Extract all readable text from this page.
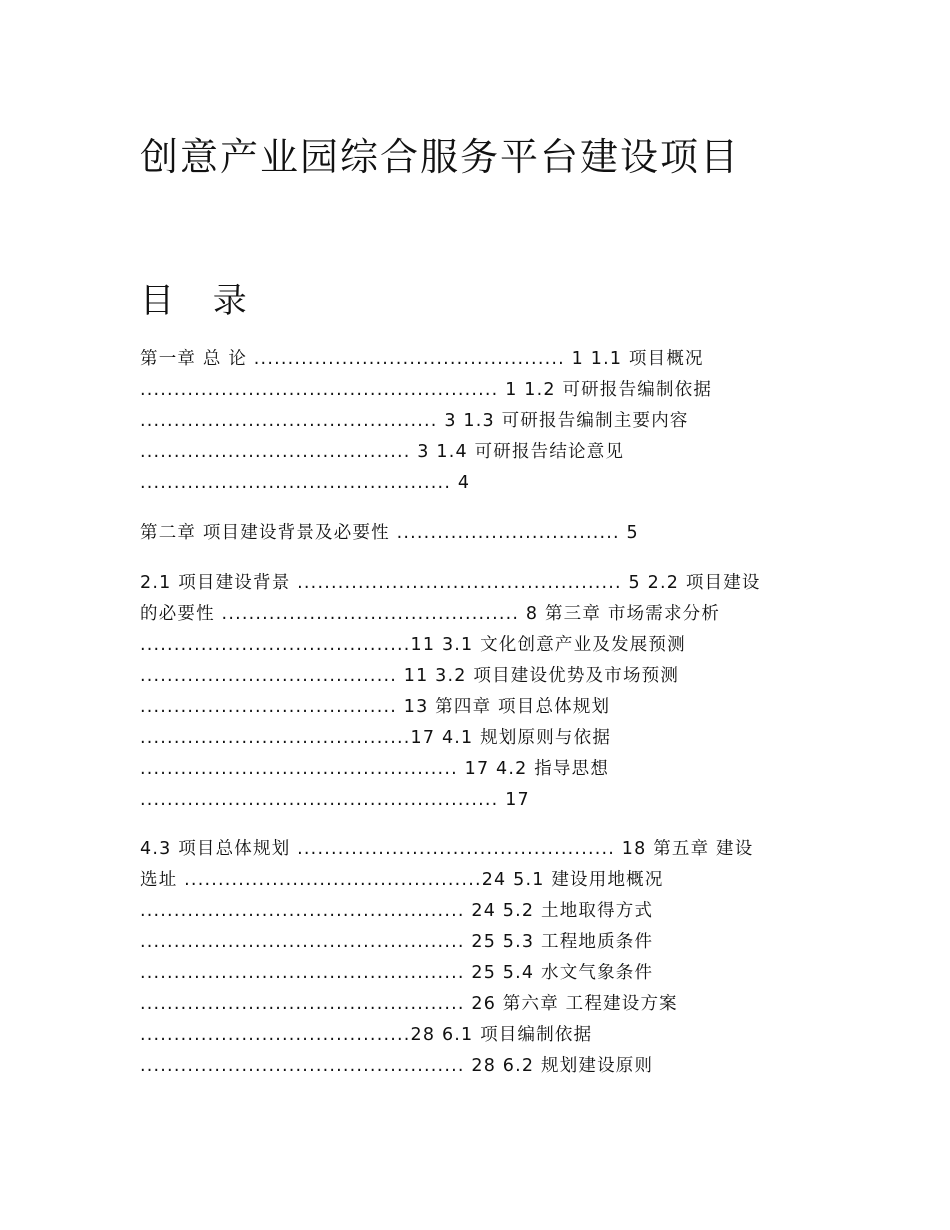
创意产业园综合服务平台建设项目
目 录
第一章 总 论 .............................................. 1 1.1 项目概况
..................................................... 1 1.2 可研报告编制依据
............................................ 3 1.3 可研报告编制主要内容
........................................ 3 1.4 可研报告结论意见
.............................................. 4
第二章 项目建设背景及必要性 ................................. 5
2.1 项目建设背景 ................................................ 5 2.2 项目建设
的必要性 ............................................ 8 第三章 市场需求分析
........................................11 3.1 文化创意产业及发展预测
...................................... 11 3.2 项目建设优势及市场预测
...................................... 13 第四章 项目总体规划
........................................17 4.1 规划原则与依据
............................................... 17 4.2 指导思想
..................................................... 17
4.3 项目总体规划 ............................................... 18 第五章 建设
选址 ............................................24 5.1 建设用地概况
................................................ 24 5.2 土地取得方式
................................................ 25 5.3 工程地质条件
................................................ 25 5.4 水文气象条件
................................................ 26 第六章 工程建设方案
........................................28 6.1 项目编制依据
................................................ 28 6.2 规划建设原则
